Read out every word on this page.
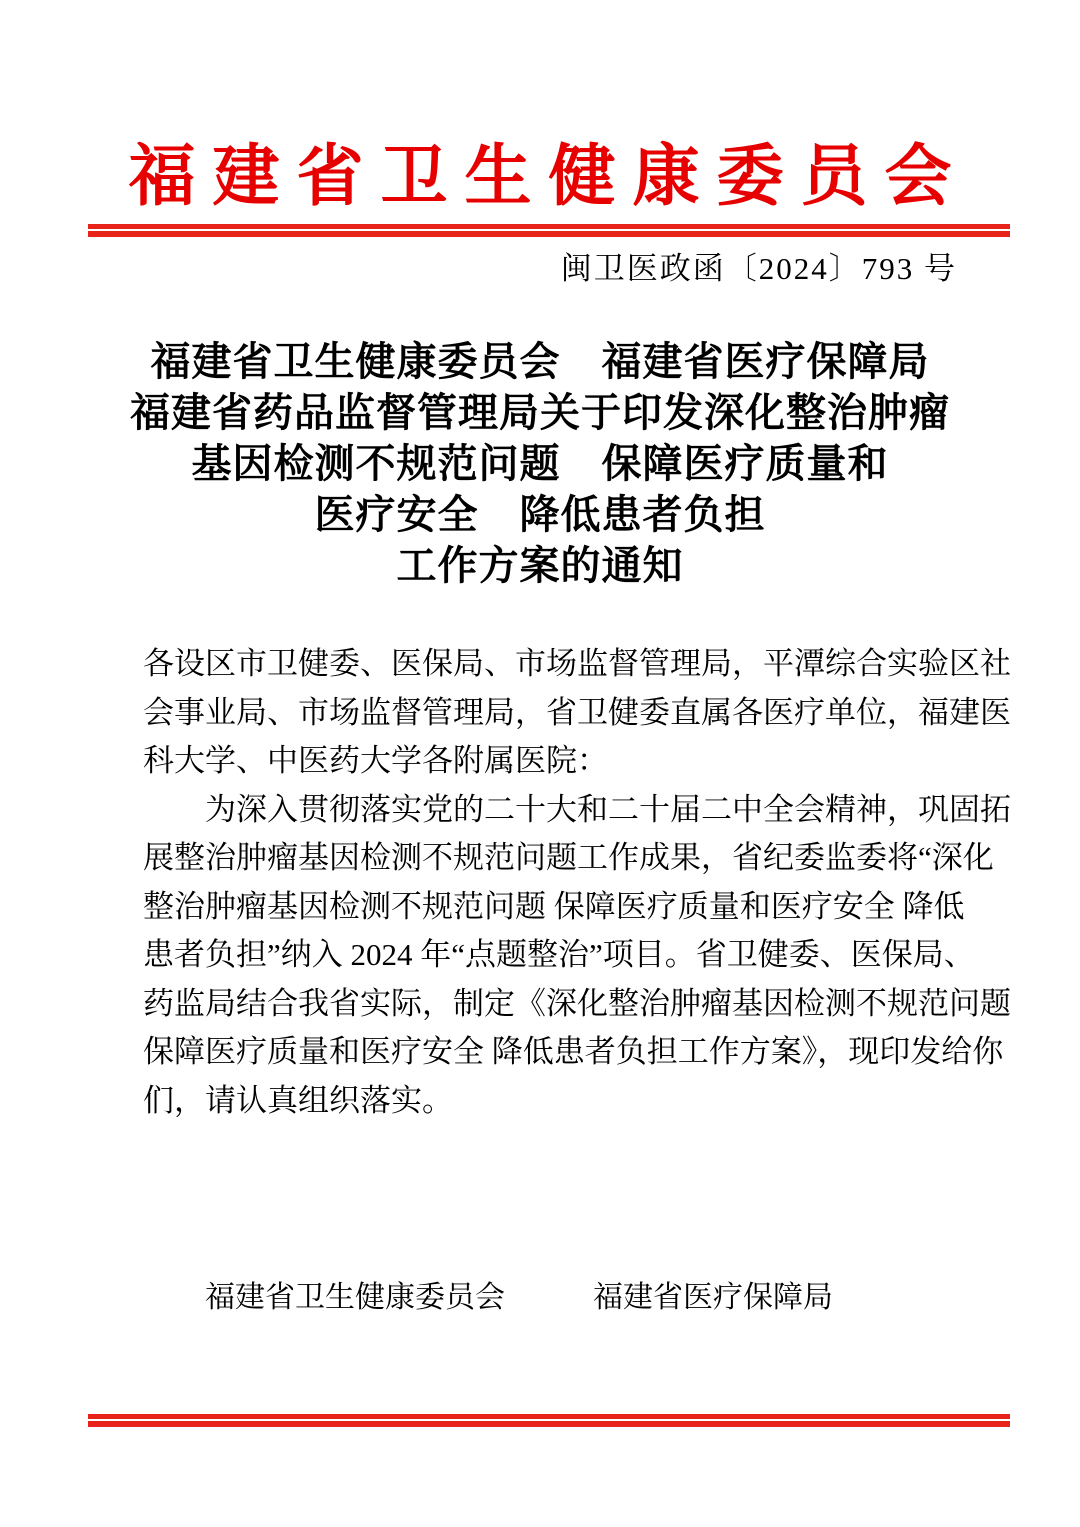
福建省卫生健康委员会
闽卫医政函〔2024〕793 号
福建省卫生健康委员会　福建省医疗保障局
福建省药品监督管理局关于印发深化整治肿瘤
基因检测不规范问题　保障医疗质量和
医疗安全　降低患者负担
工作方案的通知
各设区市卫健委、医保局、市场监督管理局，平潭综合实验区社
会事业局、市场监督管理局，省卫健委直属各医疗单位，福建医
科大学、中医药大学各附属医院：
为深入贯彻落实党的二十大和二十届二中全会精神，巩固拓
展整治肿瘤基因检测不规范问题工作成果，省纪委监委将“深化
整治肿瘤基因检测不规范问题 保障医疗质量和医疗安全 降低
患者负担”纳入 2024 年“点题整治”项目。省卫健委、医保局、
药监局结合我省实际，制定《深化整治肿瘤基因检测不规范问题
保障医疗质量和医疗安全 降低患者负担工作方案》，现印发给你
们，请认真组织落实。
福建省卫生健康委员会	福建省医疗保障局
